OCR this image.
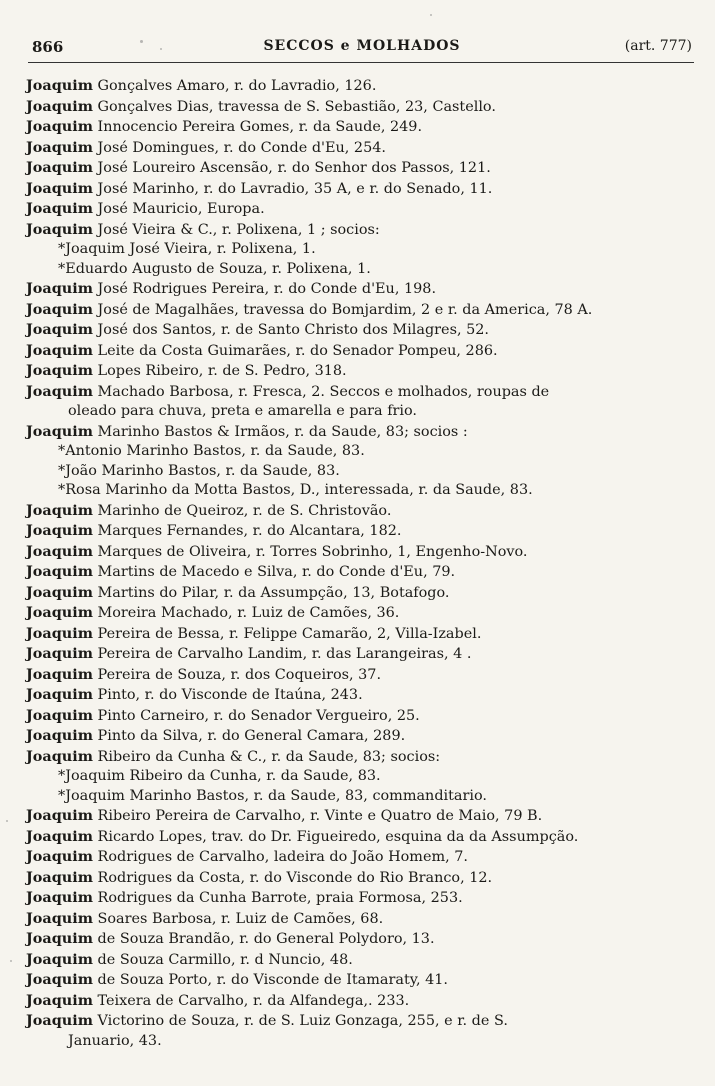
866	SECCOS e MOLHADOS	(art. 777)
Joaquim Gonçalves Amaro, r. do Lavradio, 126.
Joaquim Gonçalves Dias, travessa de S. Sebastião, 23, Castello.
Joaquim Innocencio Pereira Gomes, r. da Saude, 249.
Joaquim José Domingues, r. do Conde d'Eu, 254.
Joaquim José Loureiro Ascensão, r. do Senhor dos Passos, 121.
Joaquim José Marinho, r. do Lavradio, 35 A, e r. do Senado, 11.
Joaquim José Mauricio, Europa.
Joaquim José Vieira & C., r. Polixena, 1 ; socios:
*Joaquim José Vieira, r. Polixena, 1.
*Eduardo Augusto de Souza, r. Polixena, 1.
Joaquim José Rodrigues Pereira, r. do Conde d'Eu, 198.
Joaquim José de Magalhães, travessa do Bomjardim, 2 e r. da America, 78 A.
Joaquim José dos Santos, r. de Santo Christo dos Milagres, 52.
Joaquim Leite da Costa Guimarães, r. do Senador Pompeu, 286.
Joaquim Lopes Ribeiro, r. de S. Pedro, 318.
Joaquim Machado Barbosa, r. Fresca, 2. Seccos e molhados, roupas de
oleado para chuva, preta e amarella e para frio.
Joaquim Marinho Bastos & Irmãos, r. da Saude, 83; socios :
*Antonio Marinho Bastos, r. da Saude, 83.
*João Marinho Bastos, r. da Saude, 83.
*Rosa Marinho da Motta Bastos, D., interessada, r. da Saude, 83.
Joaquim Marinho de Queiroz, r. de S. Christovão.
Joaquim Marques Fernandes, r. do Alcantara, 182.
Joaquim Marques de Oliveira, r. Torres Sobrinho, 1, Engenho-Novo.
Joaquim Martins de Macedo e Silva, r. do Conde d'Eu, 79.
Joaquim Martins do Pilar, r. da Assumpção, 13, Botafogo.
Joaquim Moreira Machado, r. Luiz de Camões, 36.
Joaquim Pereira de Bessa, r. Felippe Camarão, 2, Villa-Izabel.
Joaquim Pereira de Carvalho Landim, r. das Larangeiras, 4 .
Joaquim Pereira de Souza, r. dos Coqueiros, 37.
Joaquim Pinto, r. do Visconde de Itaúna, 243.
Joaquim Pinto Carneiro, r. do Senador Vergueiro, 25.
Joaquim Pinto da Silva, r. do General Camara, 289.
Joaquim Ribeiro da Cunha & C., r. da Saude, 83; socios:
*Joaquim Ribeiro da Cunha, r. da Saude, 83.
*Joaquim Marinho Bastos, r. da Saude, 83, commanditario.
Joaquim Ribeiro Pereira de Carvalho, r. Vinte e Quatro de Maio, 79 B.
Joaquim Ricardo Lopes, trav. do Dr. Figueiredo, esquina da da Assumpção.
Joaquim Rodrigues de Carvalho, ladeira do João Homem, 7.
Joaquim Rodrigues da Costa, r. do Visconde do Rio Branco, 12.
Joaquim Rodrigues da Cunha Barrote, praia Formosa, 253.
Joaquim Soares Barbosa, r. Luiz de Camões, 68.
Joaquim de Souza Brandão, r. do General Polydoro, 13.
Joaquim de Souza Carmillo, r. d Nuncio, 48.
Joaquim de Souza Porto, r. do Visconde de Itamaraty, 41.
Joaquim Teixera de Carvalho, r. da Alfandega,. 233.
Joaquim Victorino de Souza, r. de S. Luiz Gonzaga, 255, e r. de S.
Januario, 43.
